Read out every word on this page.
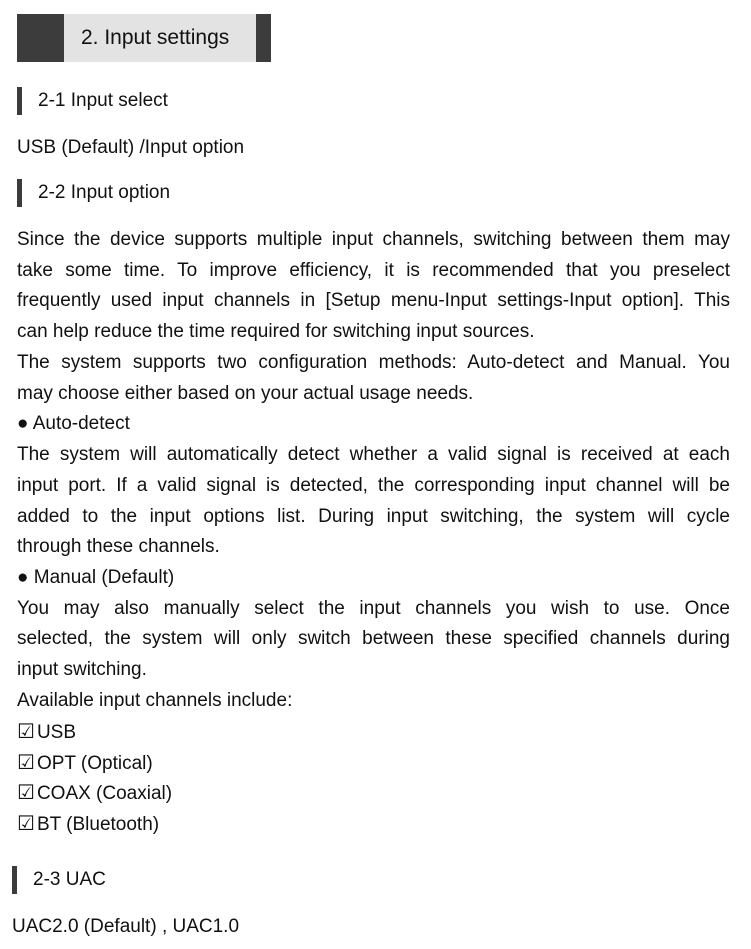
2. Input settings
2-1 Input select
USB (Default) /Input option
2-2 Input option
Since the device supports multiple input channels, switching between them may
take some time. To improve efficiency, it is recommended that you preselect
frequently used input channels in [Setup menu-Input settings-Input option]. This
can help reduce the time required for switching input sources.
The system supports two configuration methods: Auto-detect and Manual. You
may choose either based on your actual usage needs.
● Auto-detect
The system will automatically detect whether a valid signal is received at each
input port. If a valid signal is detected, the corresponding input channel will be
added to the input options list. During input switching, the system will cycle
through these channels.
● Manual (Default)
You may also manually select the input channels you wish to use. Once
selected, the system will only switch between these specified channels during
input switching.
Available input channels include:
☑ USB
☑ OPT (Optical)
☑ COAX (Coaxial)
☑ BT (Bluetooth)
2-3 UAC
UAC2.0 (Default) , UAC1.0
